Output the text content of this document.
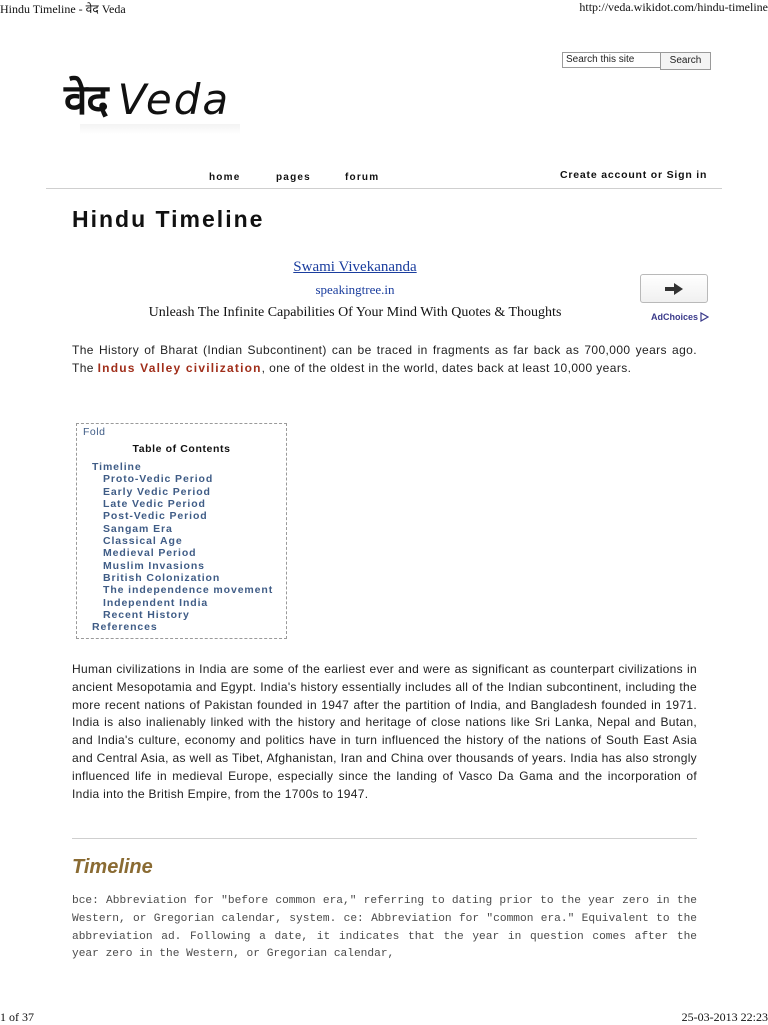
Hindu Timeline - वेद Veda	http://veda.wikidot.com/hindu-timeline
1 of 37	25-03-2013 22:23
Search this site	Search
वेद Veda
home	pages	forum	Create account or Sign in
Hindu Timeline
Swami Vivekananda
speakingtree.in
Unleash The Infinite Capabilities Of Your Mind With Quotes & Thoughts	AdChoices
The History of Bharat (Indian Subcontinent) can be traced in fragments as far back as 700,000 years ago. The Indus Valley civilization, one of the oldest in the world, dates back at least 10,000 years.
Fold
Table of Contents
Timeline
Proto-Vedic Period
Early Vedic Period
Late Vedic Period
Post-Vedic Period
Sangam Era
Classical Age
Medieval Period
Muslim Invasions
British Colonization
The independence movement
Independent India
Recent History
References
Human civilizations in India are some of the earliest ever and were as significant as counterpart civilizations in ancient Mesopotamia and Egypt. India's history essentially includes all of the Indian subcontinent, including the more recent nations of Pakistan founded in 1947 after the partition of India, and Bangladesh founded in 1971. India is also inalienably linked with the history and heritage of close nations like Sri Lanka, Nepal and Butan, and India's culture, economy and politics have in turn influenced the history of the nations of South East Asia and Central Asia, as well as Tibet, Afghanistan, Iran and China over thousands of years. India has also strongly influenced life in medieval Europe, especially since the landing of Vasco Da Gama and the incorporation of India into the British Empire, from the 1700s to 1947.
Timeline
bce: Abbreviation for "before common era," referring to dating prior to the year zero in the Western, or Gregorian calendar, system. ce: Abbreviation for "common era." Equivalent to the abbreviation ad. Following a date, it indicates that the year in question comes after the year zero in the Western, or Gregorian calendar,
